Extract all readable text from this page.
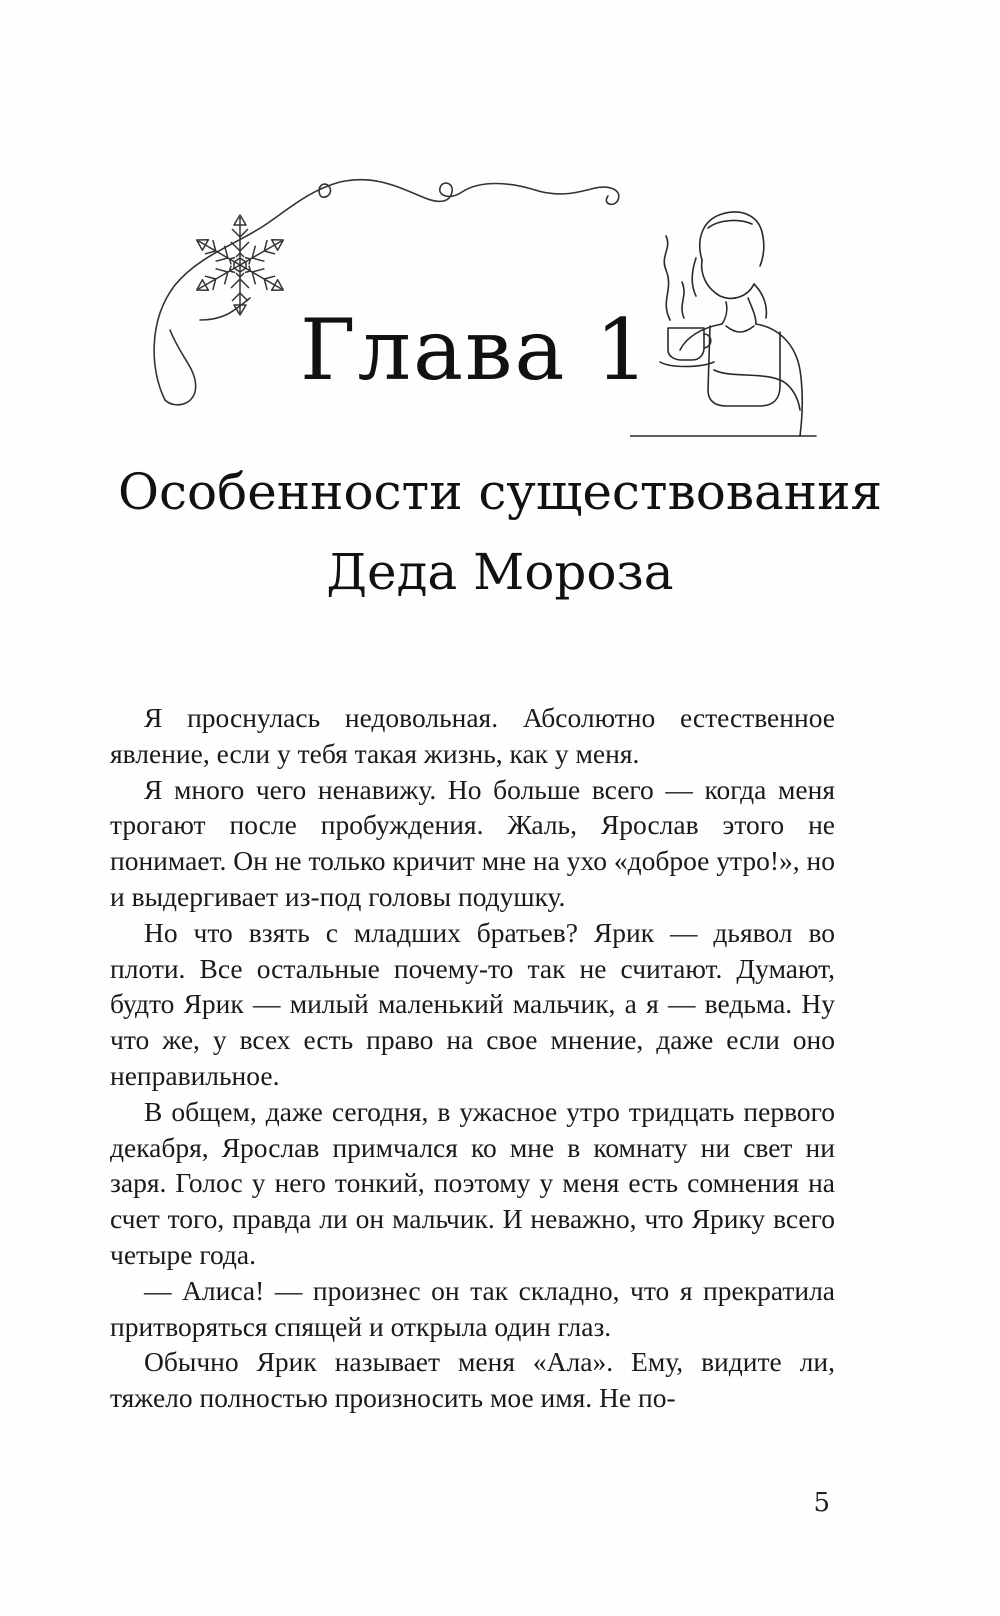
Глава 1
Особенности существования
Деда Мороза

Я проснулась недовольная. Абсолютно естественное явление, если у тебя такая жизнь, как у меня.

Я много чего ненавижу. Но больше всего — когда меня трогают после пробуждения. Жаль, Ярослав этого не понимает. Он не только кричит мне на ухо «доброе утро!», но и выдергивает из-под головы подушку.

Но что взять с младших братьев? Ярик — дьявол во плоти. Все остальные почему-то так не считают. Думают, будто Ярик — милый маленький мальчик, а я — ведьма. Ну что же, у всех есть право на свое мнение, даже если оно неправильное.

В общем, даже сегодня, в ужасное утро тридцать первого декабря, Ярослав примчался ко мне в комнату ни свет ни заря. Голос у него тонкий, поэтому у меня есть сомнения на счет того, правда ли он мальчик. И неважно, что Ярику всего четыре года.

— Алиса! — произнес он так складно, что я прекратила притворяться спящей и открыла один глаз.

Обычно Ярик называет меня «Ала». Ему, видите ли, тяжело полностью произносить мое имя. Не по-

5
